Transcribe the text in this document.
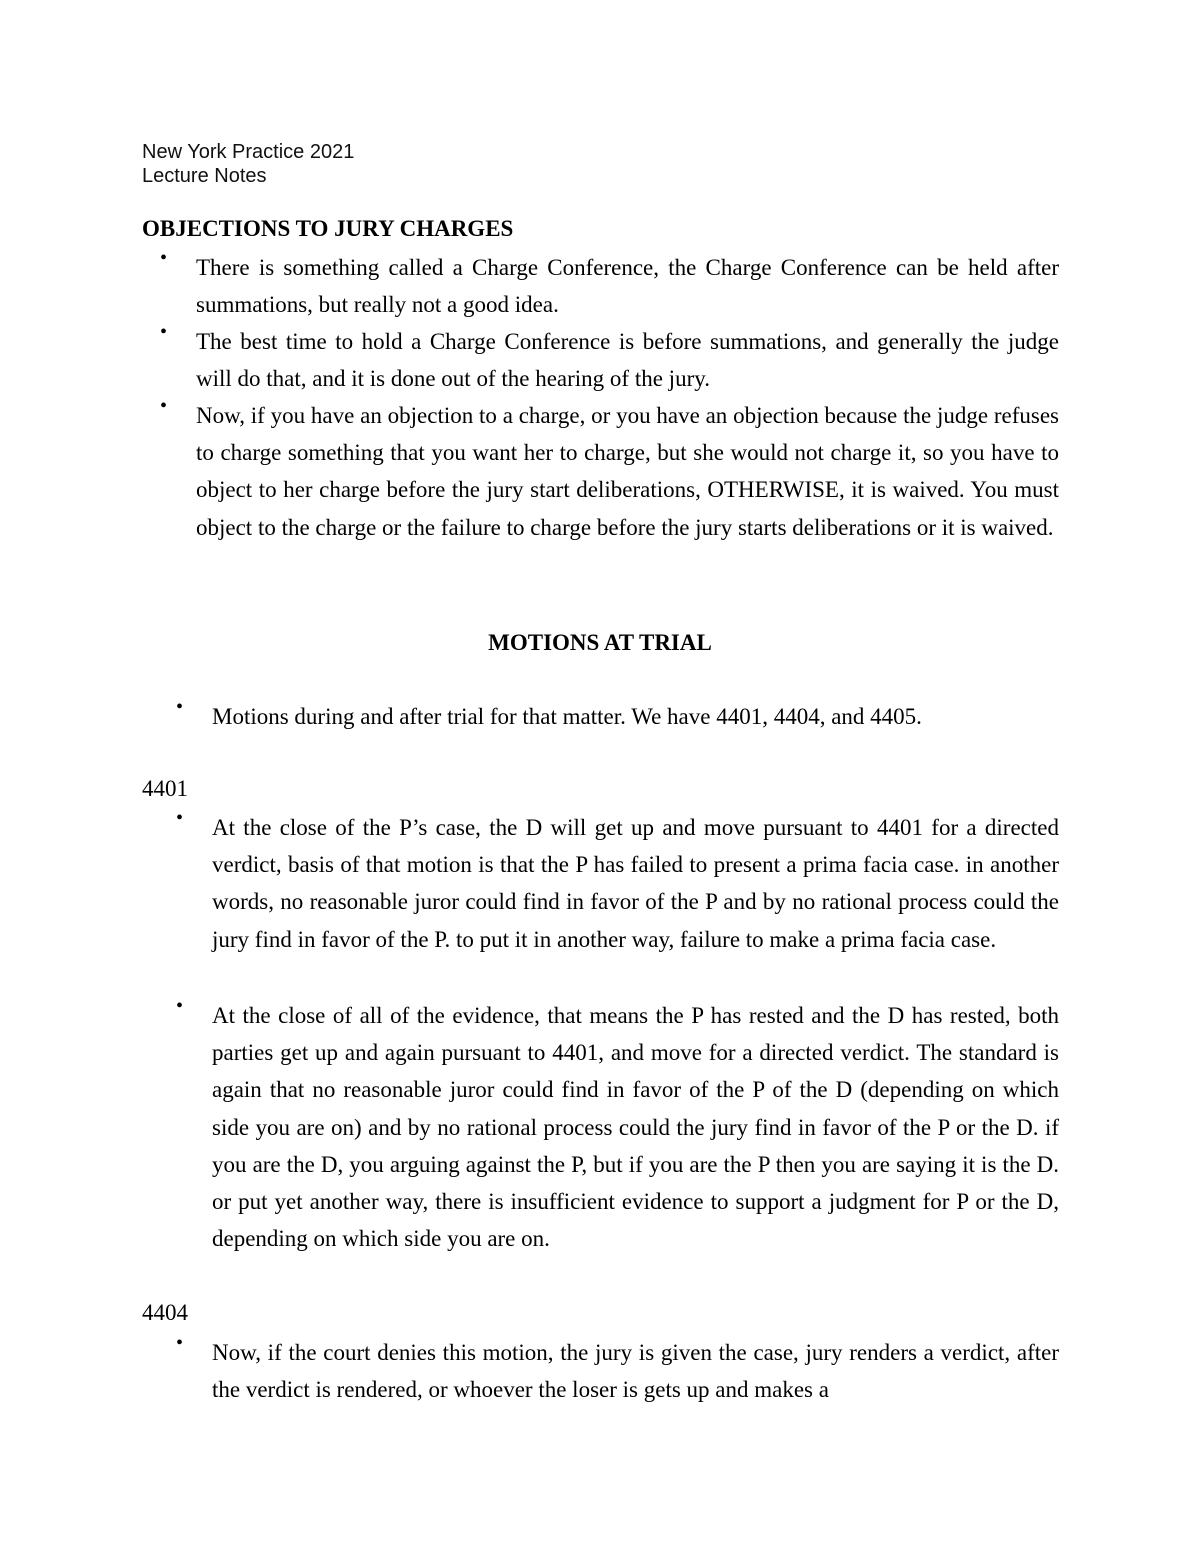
New York Practice 2021
Lecture Notes
OBJECTIONS TO JURY CHARGES
• There is something called a Charge Conference, the Charge Conference can be held after summations, but really not a good idea.
• The best time to hold a Charge Conference is before summations, and generally the judge will do that, and it is done out of the hearing of the jury.
• Now, if you have an objection to a charge, or you have an objection because the judge refuses to charge something that you want her to charge, but she would not charge it, so you have to object to her charge before the jury start deliberations, OTHERWISE, it is waived. You must object to the charge or the failure to charge before the jury starts deliberations or it is waived.
MOTIONS AT TRIAL
• Motions during and after trial for that matter. We have 4401, 4404, and 4405.
4401
• At the close of the P’s case, the D will get up and move pursuant to 4401 for a directed verdict, basis of that motion is that the P has failed to present a prima facia case. in another words, no reasonable juror could find in favor of the P and by no rational process could the jury find in favor of the P. to put it in another way, failure to make a prima facia case.
• At the close of all of the evidence, that means the P has rested and the D has rested, both parties get up and again pursuant to 4401, and move for a directed verdict. The standard is again that no reasonable juror could find in favor of the P of the D (depending on which side you are on) and by no rational process could the jury find in favor of the P or the D. if you are the D, you arguing against the P, but if you are the P then you are saying it is the D. or put yet another way, there is insufficient evidence to support a judgment for P or the D, depending on which side you are on.
4404
• Now, if the court denies this motion, the jury is given the case, jury renders a verdict, after the verdict is rendered, or whoever the loser is gets up and makes a
